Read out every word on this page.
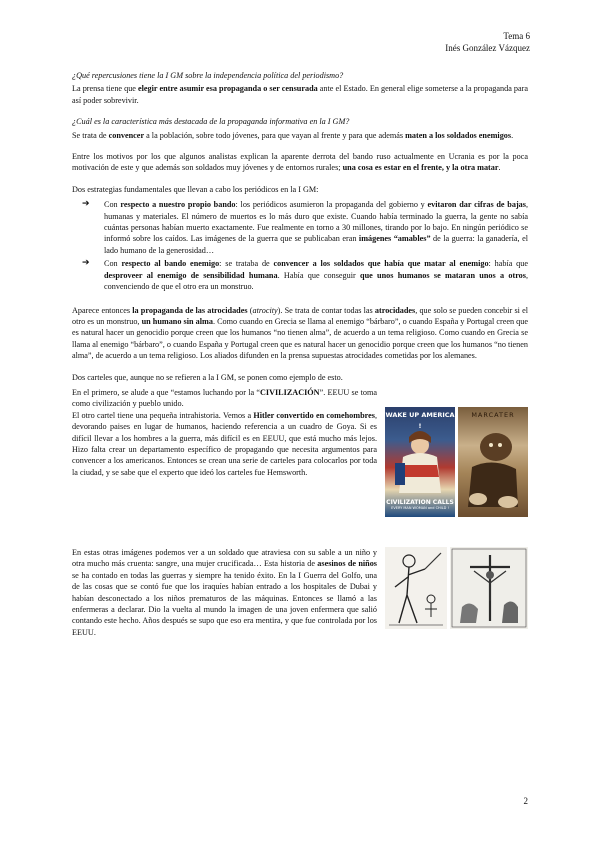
Tema 6
Inés González Vázquez
¿Qué repercusiones tiene la I GM sobre la independencia política del periodismo?

La prensa tiene que elegir entre asumir esa propaganda o ser censurada ante el Estado. En general elige someterse a la propaganda para así poder sobrevivir.

¿Cuál es la característica más destacada de la propaganda informativa en la I GM?

Se trata de convencer a la población, sobre todo jóvenes, para que vayan al frente y para que además maten a los soldados enemigos.

Entre los motivos por los que algunos analistas explican la aparente derrota del bando ruso actualmente en Ucrania es por la poca motivación de este y que además son soldados muy jóvenes y de entornos rurales; una cosa es estar en el frente, y la otra matar.

Dos estrategias fundamentales que llevan a cabo los periódicos en la I GM:

➔ Con respecto a nuestro propio bando: los periódicos asumieron la propaganda del gobierno y evitaron dar cifras de bajas, humanas y materiales. El número de muertos es lo más duro que existe. Cuando había terminado la guerra, la gente no sabía cuántas personas habían muerto exactamente. Fue realmente en torno a 30 millones, tirando por lo bajo. En ningún periódico se informó sobre los caídos. Las imágenes de la guerra que se publicaban eran imágenes “amables” de la guerra: la ganadería, el lado humano de la generosidad…
➔ Con respecto al bando enemigo: se trataba de convencer a los soldados que había que matar al enemigo: había que desproveer al enemigo de sensibilidad humana. Había que conseguir que unos humanos se mataran unos a otros, convenciendo de que el otro era un monstruo.

Aparece entonces la propaganda de las atrocidades (atrocity). Se trata de contar todas las atrocidades, que solo se pueden concebir si el otro es un monstruo, un humano sin alma. Como cuando en Grecia se llama al enemigo “bárbaro”, o cuando España y Portugal creen que es natural hacer un genocidio porque creen que los humanos “no tienen alma”, de acuerdo a un tema religioso. Como cuando en Grecia se llama al enemigo “bárbaro”, o cuando España y Portugal creen que es natural hacer un genocidio porque creen que los humanos “no tienen alma”, de acuerdo a un tema religioso. Los aliados difunden en la prensa supuestas atrocidades cometidas por los alemanes.

Dos carteles que, aunque no se refieren a la I GM, se ponen como ejemplo de esto.

En el primero, se alude a que “estamos luchando por la “CIVILIZACIÓN”. EEUU se toma como civilización y pueblo unido.
El otro cartel tiene una pequeña intrahistoria. Vemos a Hitler convertido en comehombres, devorando paises en lugar de humanos, haciendo referencia a un cuadro de Goya. Si es difícil llevar a los hombres a la guerra, más difícil es en EEUU, que está mucho más lejos. Hizo falta crear un departamento específico de propagando que necesita argumentos para convencer a los americanos. Entonces se crean una serie de carteles para colocarlos por toda la ciudad, y se sabe que el experto que ideó los carteles fue Hemsworth.

WAKE UP AMERICA !
CIVILIZATION CALLS
EVERY MAN WOMAN and CHILD !
MARCATER

En estas otras imágenes podemos ver a un soldado que atraviesa con su sable a un niño y otra mucho más cruenta: sangre, una mujer crucificada… Esta historia de asesinos de niños se ha contado en todas las guerras y siempre ha tenido éxito. En la I Guerra del Golfo, una de las cosas que se contó fue que los iraquíes habían entrado a los hospitales de Dubai y habían desconectado a los niños prematuros de las máquinas. Entonces se llamó a las enfermeras a declarar. Dio la vuelta al mundo la imagen de una joven enfermera que salió contando este hecho. Años después se supo que eso era mentira, y que fue controlada por los EEUU.

2
